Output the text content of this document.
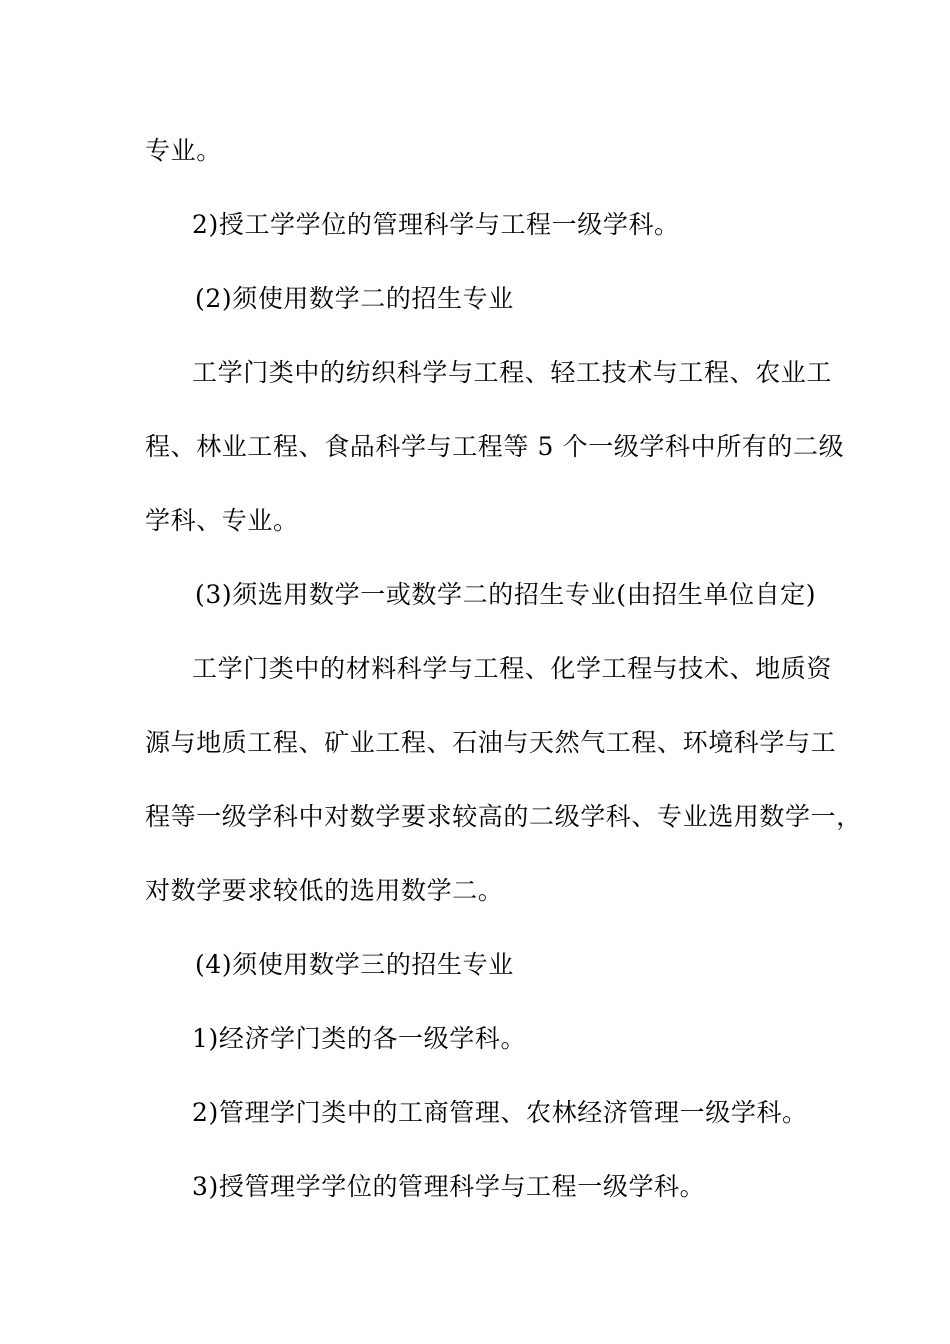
专业。
2)授工学学位的管理科学与工程一级学科。
(2)须使用数学二的招生专业
工学门类中的纺织科学与工程、轻工技术与工程、农业工
程、林业工程、食品科学与工程等 5 个一级学科中所有的二级
学科、专业。
(3)须选用数学一或数学二的招生专业(由招生单位自定)
工学门类中的材料科学与工程、化学工程与技术、地质资
源与地质工程、矿业工程、石油与天然气工程、环境科学与工
程等一级学科中对数学要求较高的二级学科、专业选用数学一，
对数学要求较低的选用数学二。
(4)须使用数学三的招生专业
1)经济学门类的各一级学科。
2)管理学门类中的工商管理、农林经济管理一级学科。
3)授管理学学位的管理科学与工程一级学科。
